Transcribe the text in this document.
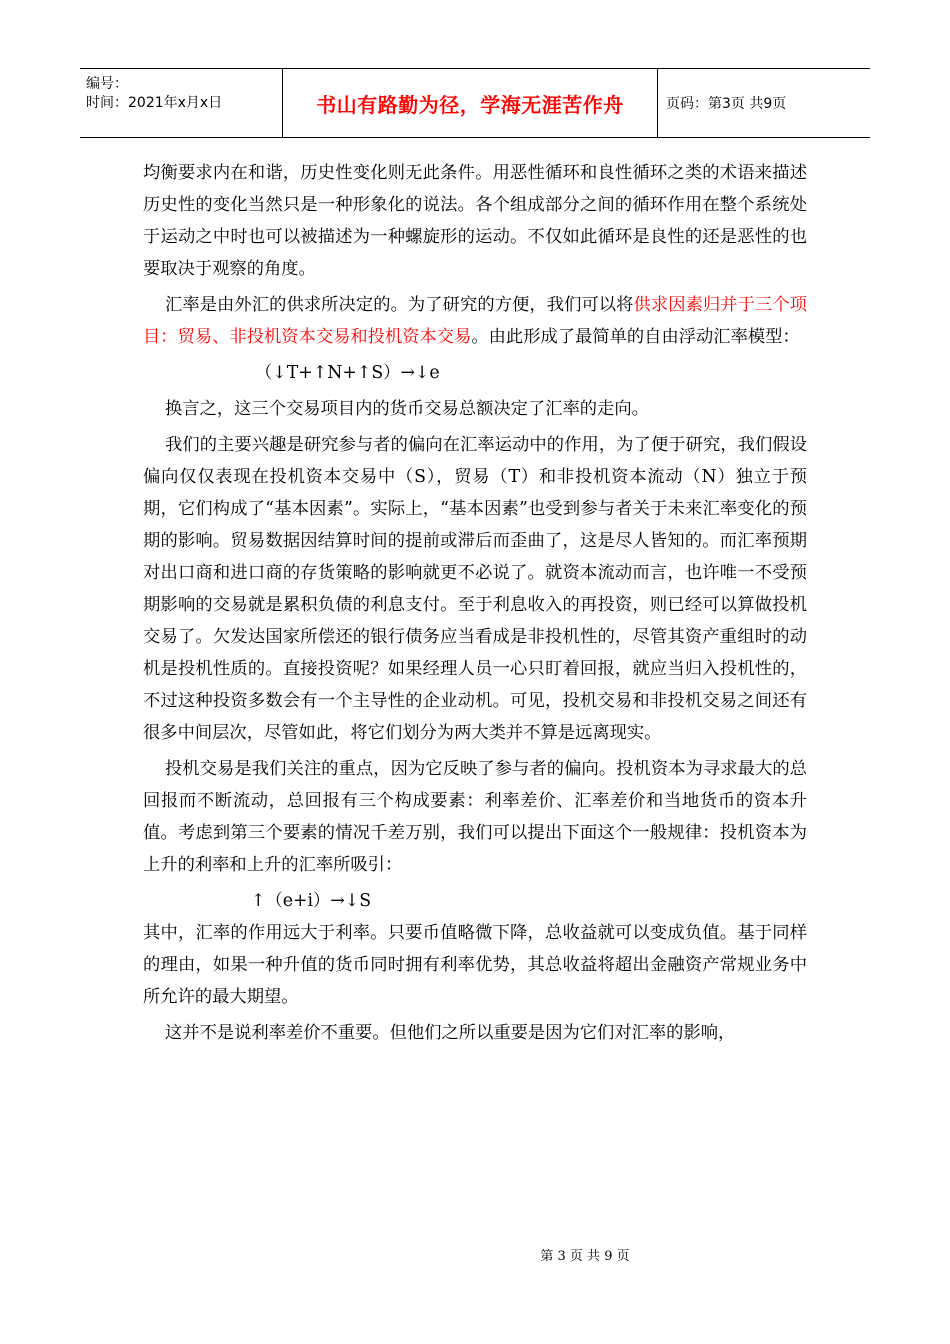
编号：
时间：2021年x月x日	书山有路勤为径，学海无涯苦作舟	页码：第3页 共9页

均衡要求内在和谐，历史性变化则无此条件。用恶性循环和良性循环之类的术语来描述历史性的变化当然只是一种形象化的说法。各个组成部分之间的循环作用在整个系统处于运动之中时也可以被描述为一种螺旋形的运动。不仅如此循环是良性的还是恶性的也要取决于观察的角度。

汇率是由外汇的供求所决定的。为了研究的方便，我们可以将供求因素归并于三个项目：贸易、非投机资本交易和投机资本交易。由此形成了最简单的自由浮动汇率模型：

（↓T+↑N+↑S）→↓e

换言之，这三个交易项目内的货币交易总额决定了汇率的走向。

我们的主要兴趣是研究参与者的偏向在汇率运动中的作用，为了便于研究，我们假设偏向仅仅表现在投机资本交易中（S），贸易（T）和非投机资本流动（N）独立于预期，它们构成了“基本因素”。实际上，“基本因素”也受到参与者关于未来汇率变化的预期的影响。贸易数据因结算时间的提前或滞后而歪曲了，这是尽人皆知的。而汇率预期对出口商和进口商的存货策略的影响就更不必说了。就资本流动而言，也许唯一不受预期影响的交易就是累积负债的利息支付。至于利息收入的再投资，则已经可以算做投机交易了。欠发达国家所偿还的银行债务应当看成是非投机性的，尽管其资产重组时的动机是投机性质的。直接投资呢？如果经理人员一心只盯着回报，就应当归入投机性的，不过这种投资多数会有一个主导性的企业动机。可见，投机交易和非投机交易之间还有很多中间层次，尽管如此，将它们划分为两大类并不算是远离现实。

投机交易是我们关注的重点，因为它反映了参与者的偏向。投机资本为寻求最大的总回报而不断流动，总回报有三个构成要素：利率差价、汇率差价和当地货币的资本升值。考虑到第三个要素的情况千差万别，我们可以提出下面这个一般规律：投机资本为上升的利率和上升的汇率所吸引：

↑（e+i）→↓S

其中，汇率的作用远大于利率。只要币值略微下降，总收益就可以变成负值。基于同样的理由，如果一种升值的货币同时拥有利率优势，其总收益将超出金融资产常规业务中所允许的最大期望。

这并不是说利率差价不重要。但他们之所以重要是因为它们对汇率的影响，

第 3 页 共 9 页
